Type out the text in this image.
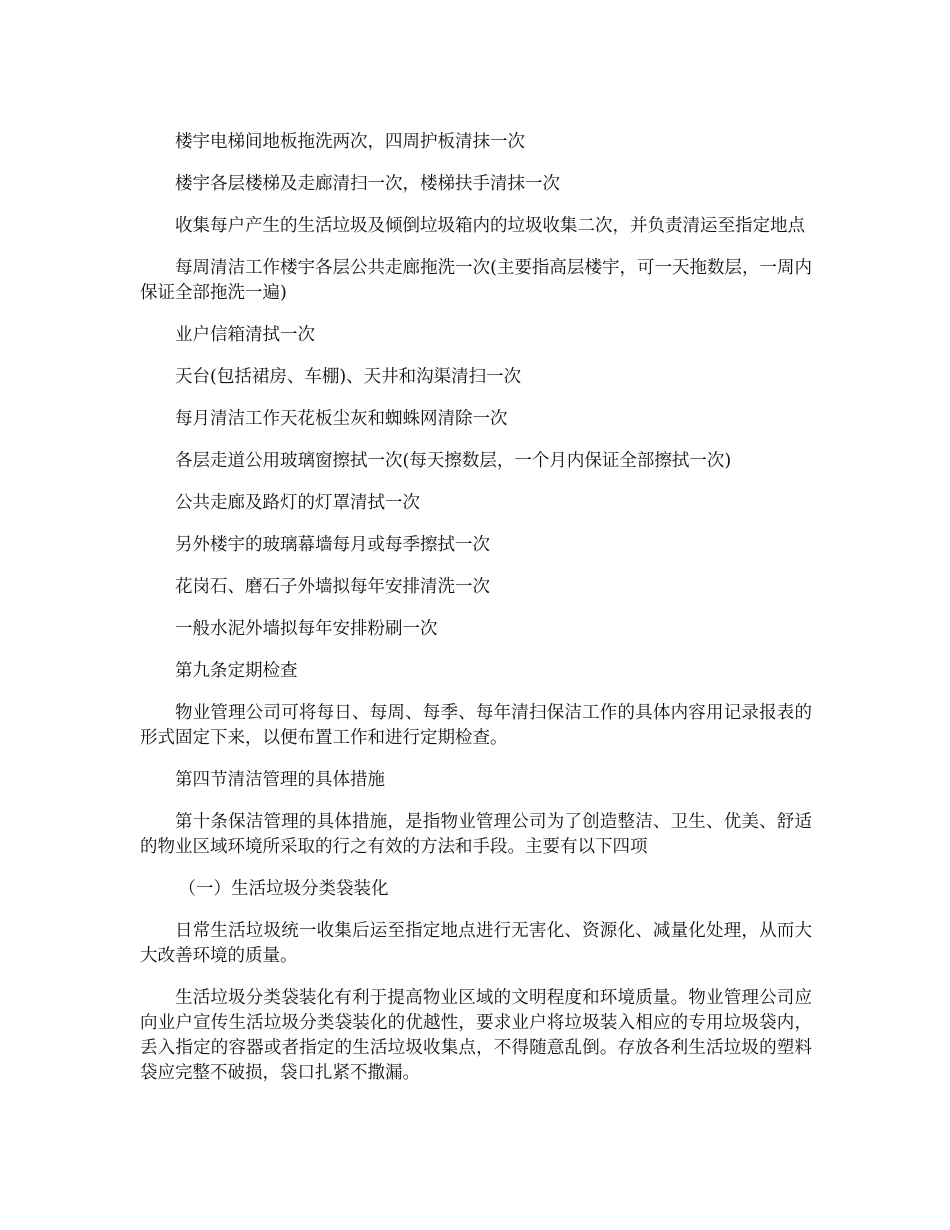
楼宇电梯间地板拖洗两次，四周护板清抹一次

楼宇各层楼梯及走廊清扫一次，楼梯扶手清抹一次

收集每户产生的生活垃圾及倾倒垃圾箱内的垃圾收集二次，并负责清运至指定地点

每周清洁工作楼宇各层公共走廊拖洗一次(主要指高层楼宇，可一天拖数层，一周内保证全部拖洗一遍)

业户信箱清拭一次

天台(包括裙房、车棚)、天井和沟渠清扫一次

每月清洁工作天花板尘灰和蜘蛛网清除一次

各层走道公用玻璃窗擦拭一次(每天擦数层，一个月内保证全部擦拭一次)

公共走廊及路灯的灯罩清拭一次

另外楼宇的玻璃幕墙每月或每季擦拭一次

花岗石、磨石子外墙拟每年安排清洗一次

一般水泥外墙拟每年安排粉刷一次

第九条定期检查

物业管理公司可将每日、每周、每季、每年清扫保洁工作的具体内容用记录报表的形式固定下来，以便布置工作和进行定期检查。

第四节清洁管理的具体措施

第十条保洁管理的具体措施，是指物业管理公司为了创造整洁、卫生、优美、舒适的物业区域环境所采取的行之有效的方法和手段。主要有以下四项

（一）生活垃圾分类袋装化

日常生活垃圾统一收集后运至指定地点进行无害化、资源化、减量化处理，从而大大改善环境的质量。

生活垃圾分类袋装化有利于提高物业区域的文明程度和环境质量。物业管理公司应向业户宣传生活垃圾分类袋装化的优越性，要求业户将垃圾装入相应的专用垃圾袋内，丢入指定的容器或者指定的生活垃圾收集点，不得随意乱倒。存放各利生活垃圾的塑料袋应完整不破损，袋口扎紧不撒漏。
